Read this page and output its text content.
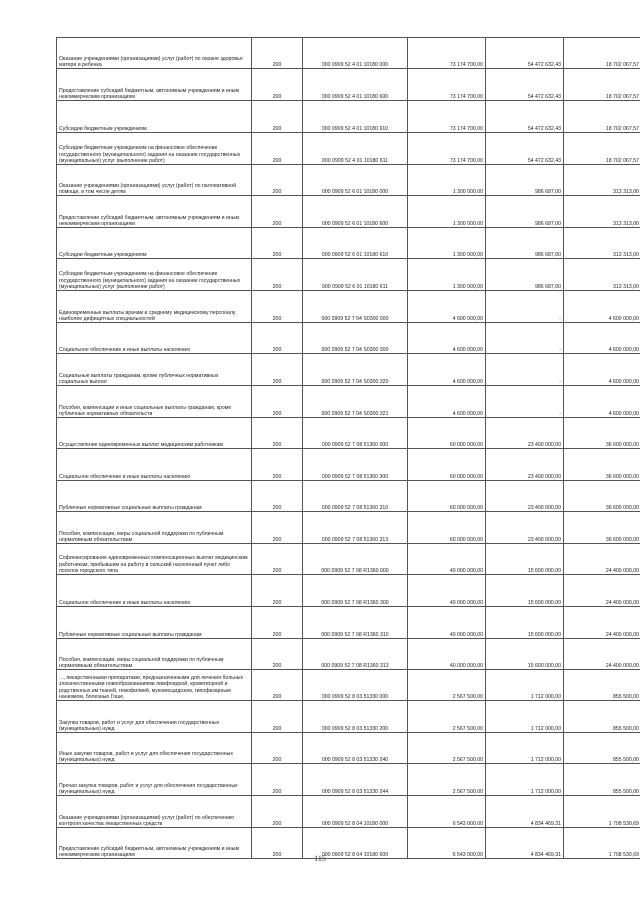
Оказание учреждениями (организациями) услуг (работ) по охране здоровья матери и ребенка	200	000 0909 52 4 01 10180 000	73 174 700,00	54 472 632,43	18 702 067,57

Предоставление субсидий бюджетным, автономным учреждениям и иным некоммерческим организациям	200	000 0909 52 4 01 10180 600	73 174 700,00	54 472 632,43	18 702 067,57

Субсидии бюджетным учреждениям	200	000 0909 52 4 01 10180 610	73 174 700,00	54 472 632,43	18 702 067,57

Субсидии бюджетным учреждениям на финансовое обеспечение государственного (муниципального) задания на оказание государственных (муниципальных) услуг (выполнение работ)	200	000 0909 52 4 01 10180 611	73 174 700,00	54 472 632,43	18 702 067,57

Оказание учреждениями (организациями) услуг (работ) по паллиативной помощи, в том числе детям	200	000 0909 52 6 01 10180 000	1 300 000,00	986 687,00	313 313,00

Предоставление субсидий бюджетным, автономным учреждениям и иным некоммерческим организациям	200	000 0909 52 6 01 10180 600	1 300 000,00	986 687,00	313 313,00

Субсидии бюджетным учреждениям	200	000 0909 52 6 01 10180 610	1 300 000,00	986 687,00	313 313,00

Субсидии бюджетным учреждениям на финансовое обеспечение государственного (муниципального) задания на оказание государственных (муниципальных) услуг (выполнение работ)	200	000 0909 52 6 01 10180 611	1 300 000,00	986 687,00	313 313,00

Единовременные выплаты врачам и среднему медицинскому персоналу наиболее дефицитных специальностей	200	000 0909 52 7 04 S0300 000	4 600 000,00	-	4 600 000,00

Социальное обеспечение и иные выплаты населению	200	000 0909 52 7 04 S0300 300	4 600 000,00	-	4 600 000,00

Социальные выплаты гражданам, кроме публичных нормативных социальных выплат	200	000 0909 52 7 04 S0300 320	4 600 000,00	-	4 600 000,00

Пособия, компенсации и иные социальные выплаты гражданам, кроме публичных нормативных обязательств	200	000 0909 52 7 04 S0300 321	4 600 000,00	-	4 600 000,00

Осуществление единовременных выплат медицинским работникам	200	000 0909 52 7 08 51360 000	60 000 000,00	23 400 000,00	36 600 000,00

Социальное обеспечение и иные выплаты населению	200	000 0909 52 7 08 51360 300	60 000 000,00	23 400 000,00	36 600 000,00

Публичные нормативные социальные выплаты гражданам	200	000 0909 52 7 08 51360 310	60 000 000,00	23 400 000,00	36 600 000,00

Пособия, компенсации, меры социальной поддержки по публичным нормативным обязательствам	200	000 0909 52 7 08 51360 313	60 000 000,00	23 400 000,00	36 600 000,00

Софинансирование единовременных компенсационных выплат медицинским работникам, прибывшим на работу в сельский населенный пункт либо поселок городского типа	200	000 0909 52 7 08 R1360 000	40 000 000,00	15 600 000,00	24 400 000,00

Социальное обеспечение и иные выплаты населению	200	000 0909 52 7 08 R1360 300	40 000 000,00	15 600 000,00	24 400 000,00

Публичные нормативные социальные выплаты гражданам	200	000 0909 52 7 08 R1360 310	40 000 000,00	15 600 000,00	24 400 000,00

Пособия, компенсации, меры социальной поддержки по публичным нормативным обязательствам	200	000 0909 52 7 08 R1360 313	40 000 000,00	15 600 000,00	24 400 000,00

..., лекарственными препаратами, предназначенными для лечения больных злокачественными новообразованиями лимфоидной, кроветворной и родственных им тканей, гемофилией, муковисцидозом, гипофизарным нанизмом, болезнью Гоше,	200	000 0909 52 8 03 51330 000	2 567 500,00	1 712 000,00	855 500,00

Закупка товаров, работ и услуг для обеспечения государственных (муниципальных) нужд	200	000 0909 52 8 03 51330 200	2 567 500,00	1 712 000,00	855 500,00

Иные закупки товаров, работ и услуг для обеспечения государственных (муниципальных) нужд	200	000 0909 52 8 03 51330 240	2 567 500,00	1 712 000,00	855 500,00

Прочая закупка товаров, работ и услуг для обеспечения государственных (муниципальных) нужд	200	000 0909 52 8 03 51330 244	2 567 500,00	1 712 000,00	855 500,00

Оказание учреждениями (организациями) услуг (работ) по обеспечению контроля качества лекарственных средств	200	000 0909 52 8 04 10180 000	6 543 000,00	4 834 469,31	1 708 530,69

Предоставление субсидий бюджетным, автономным учреждениям и иным некоммерческим организациям	200	000 0909 52 8 04 10180 600	6 543 000,00	4 834 469,31	1 708 530,69
115
